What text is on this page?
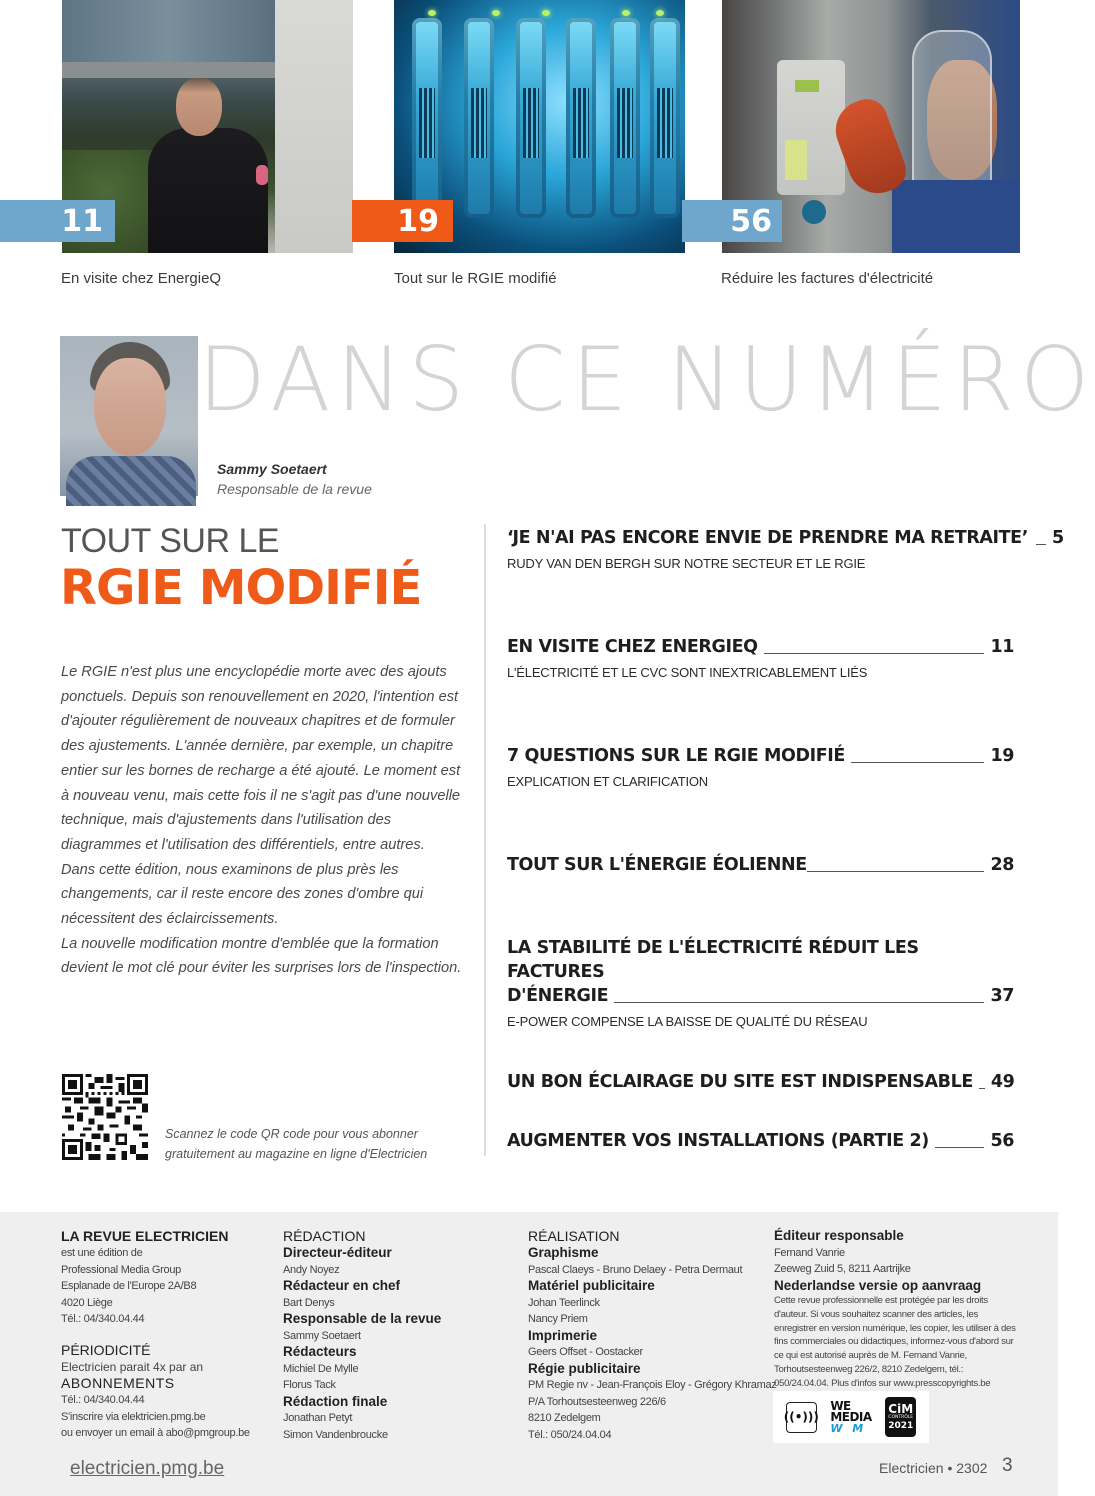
11	19	56
En visite chez EnergieQ	Tout sur le RGIE modifié	Réduire les factures d'électricité
DANS CE NUMÉRO
Sammy Soetaert
Responsable de la revue
TOUT SUR LE
RGIE MODIFIÉ

Le RGIE n'est plus une encyclopédie morte avec des ajouts

ponctuels. Depuis son renouvellement en 2020, l'intention est

d'ajouter régulièrement de nouveaux chapitres et de formuler

des ajustements. L'année dernière, par exemple, un chapitre

entier sur les bornes de recharge a été ajouté. Le moment est

à nouveau venu, mais cette fois il ne s'agit pas d'une nouvelle

technique, mais d'ajustements dans l'utilisation des

diagrammes et l'utilisation des différentiels, entre autres.

Dans cette édition, nous examinons de plus près les

changements, car il reste encore des zones d'ombre qui

nécessitent des éclaircissements.

La nouvelle modification montre d'emblée que la formation

devient le mot clé pour éviter les surprises lors de l'inspection.

Scannez le code QR code pour vous abonner
gratuitement au magazine en ligne d'Electricien
‘JE N'AI PAS ENCORE ENVIE DE PRENDRE MA RETRAITE’ 5
RUDY VAN DEN BERGH SUR NOTRE SECTEUR ET LE RGIE
EN VISITE CHEZ ENERGIEQ	11
L'ÉLECTRICITÉ ET LE CVC SONT INEXTRICABLEMENT LIÉS
7 QUESTIONS SUR LE RGIE MODIFIÉ	19
EXPLICATION ET CLARIFICATION
TOUT SUR L'ÉNERGIE ÉOLIENNE	28
LA STABILITÉ DE L'ÉLECTRICITÉ RÉDUIT LES FACTURES
D'ÉNERGIE	37
E-POWER COMPENSE LA BAISSE DE QUALITÉ DU RÉSEAU
UN BON ÉCLAIRAGE DU SITE EST INDISPENSABLE 49
AUGMENTER VOS INSTALLATIONS (PARTIE 2)	56
LA REVUE ELECTRICIEN
est une édition de
Professional Media Group
Esplanade de l'Europe 2A/B8
4020 Liège
Tél.: 04/340.04.44
PÉRIODICITÉ
Electricien parait 4x par an
ABONNEMENTS
Tél.: 04/340.04.44
S'inscrire via elektricien.pmg.be
ou envoyer un email à abo@pmgroup.be
RÉDACTION
Directeur-éditeur
Andy Noyez
Rédacteur en chef
Bart Denys
Responsable de la revue
Sammy Soetaert
Rédacteurs
Michiel De Mylle
Florus Tack
Rédaction finale
Jonathan Petyt
Simon Vandenbroucke
RÉALISATION
Graphisme
Pascal Claeys - Bruno Delaey - Petra Dermaut
Matériel publicitaire
Johan Teerlinck
Nancy Priem
Imprimerie
Geers Offset - Oostacker
Régie publicitaire
PM Regie nv - Jean-François Eloy - Grégory Khramaz
P/A Torhoutsesteenweg 226/6
8210 Zedelgem
Tél.: 050/24.04.04
Éditeur responsable
Fernand Vanrie
Zeeweg Zuid 5, 8211 Aartrijke
Nederlandse versie op aanvraag
Cette revue professionnelle est protégée par les droits d'auteur. Si vous souhaitez scanner des articles, les enregistrer en version numérique, les copier, les utiliser à des fins commerciales ou didactiques, informez-vous d'abord sur ce qui est autorisé auprès de M. Fernand Vanrie, Torhoutsesteenweg 226/2, 8210 Zedelgem, tél.: 050/24.04.04. Plus d'infos sur www.presscopyrights.be
((•)))
WE
MEDIA
W M
CiM
CONTRÔLE
2021
electricien.pmg.be	Electricien • 2302 3
